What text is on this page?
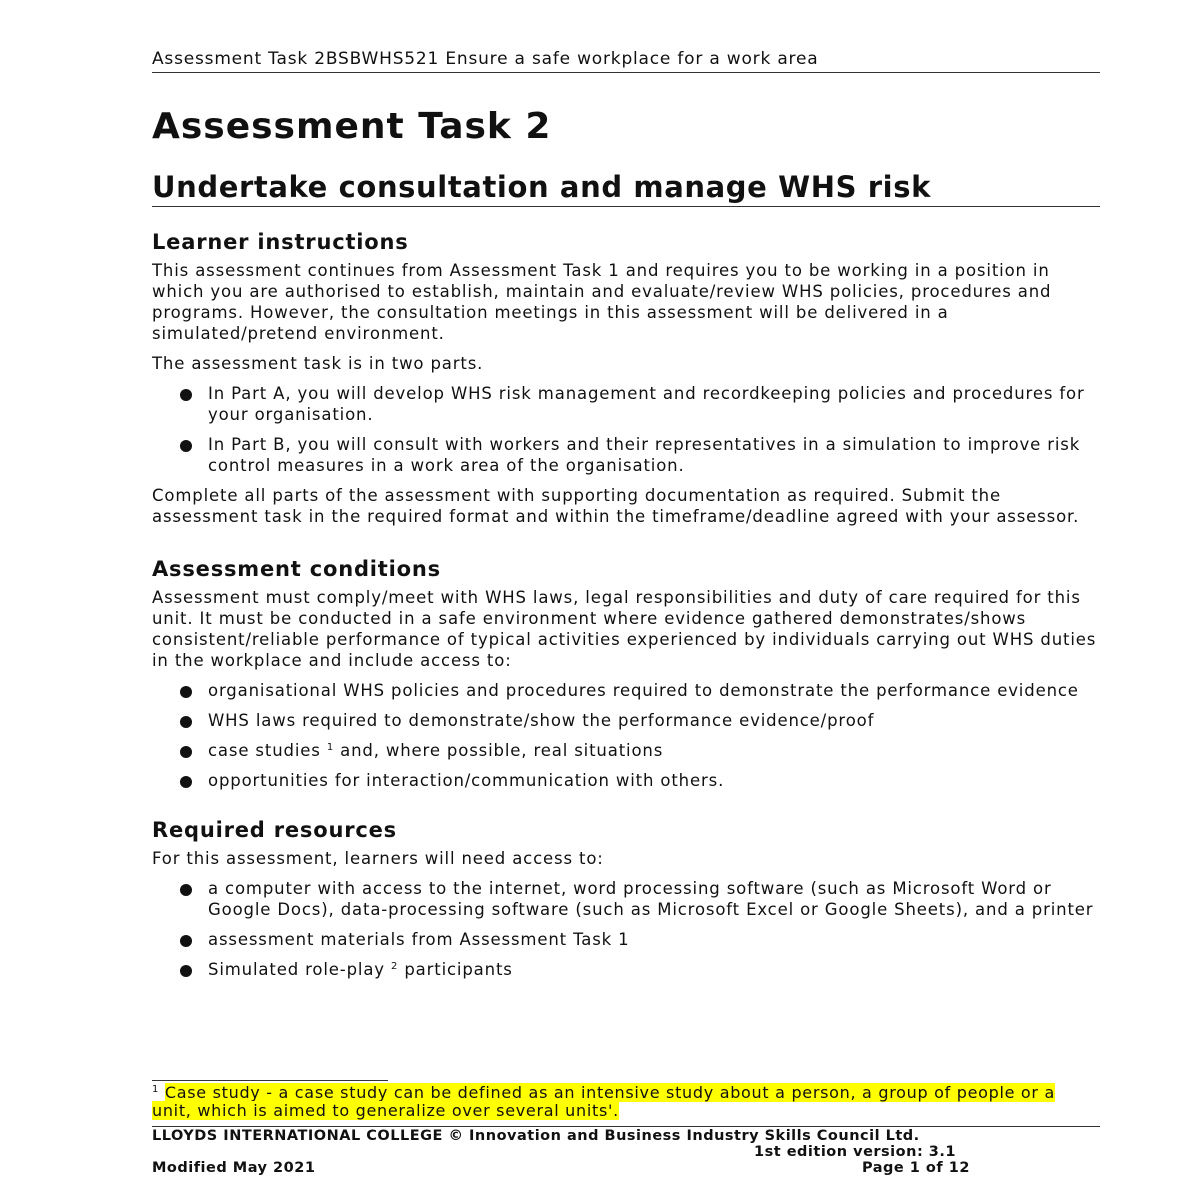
Assessment Task 2BSBWHS521 Ensure a safe workplace for a work area
Assessment Task 2
Undertake consultation and manage WHS risk
Learner instructions

This assessment continues from Assessment Task 1 and requires you to be working in a position in which you are authorised to establish, maintain and evaluate/review WHS policies, procedures and programs. However, the consultation meetings in this assessment will be delivered in a simulated/pretend environment.

The assessment task is in two parts.

In Part A, you will develop WHS risk management and recordkeeping policies and procedures for your organisation.
In Part B, you will consult with workers and their representatives in a simulation to improve risk control measures in a work area of the organisation.

Complete all parts of the assessment with supporting documentation as required. Submit the assessment task in the required format and within the timeframe/deadline agreed with your assessor.

Assessment conditions

Assessment must comply/meet with WHS laws, legal responsibilities and duty of care required for this unit. It must be conducted in a safe environment where evidence gathered demonstrates/shows consistent/reliable performance of typical activities experienced by individuals carrying out WHS duties in the workplace and include access to:

organisational WHS policies and procedures required to demonstrate the performance evidence
WHS laws required to demonstrate/show the performance evidence/proof
case studies $^1$ and, where possible, real situations
opportunities for interaction/communication with others.
Required resources

For this assessment, learners will need access to:

a computer with access to the internet, word processing software (such as Microsoft Word or Google Docs), data-processing software (such as Microsoft Excel or Google Sheets), and a printer
assessment materials from Assessment Task 1
Simulated role-play $^2$ participants
$^1$ Case study - a case study can be defined as an intensive study about a person, a group of people or a unit, which is aimed to generalize over several units'.
LLOYDS INTERNATIONAL COLLEGE © Innovation and Business Industry Skills Council Ltd.
1st edition version: 3.1
Modified May 2021	Page 1 of 12
